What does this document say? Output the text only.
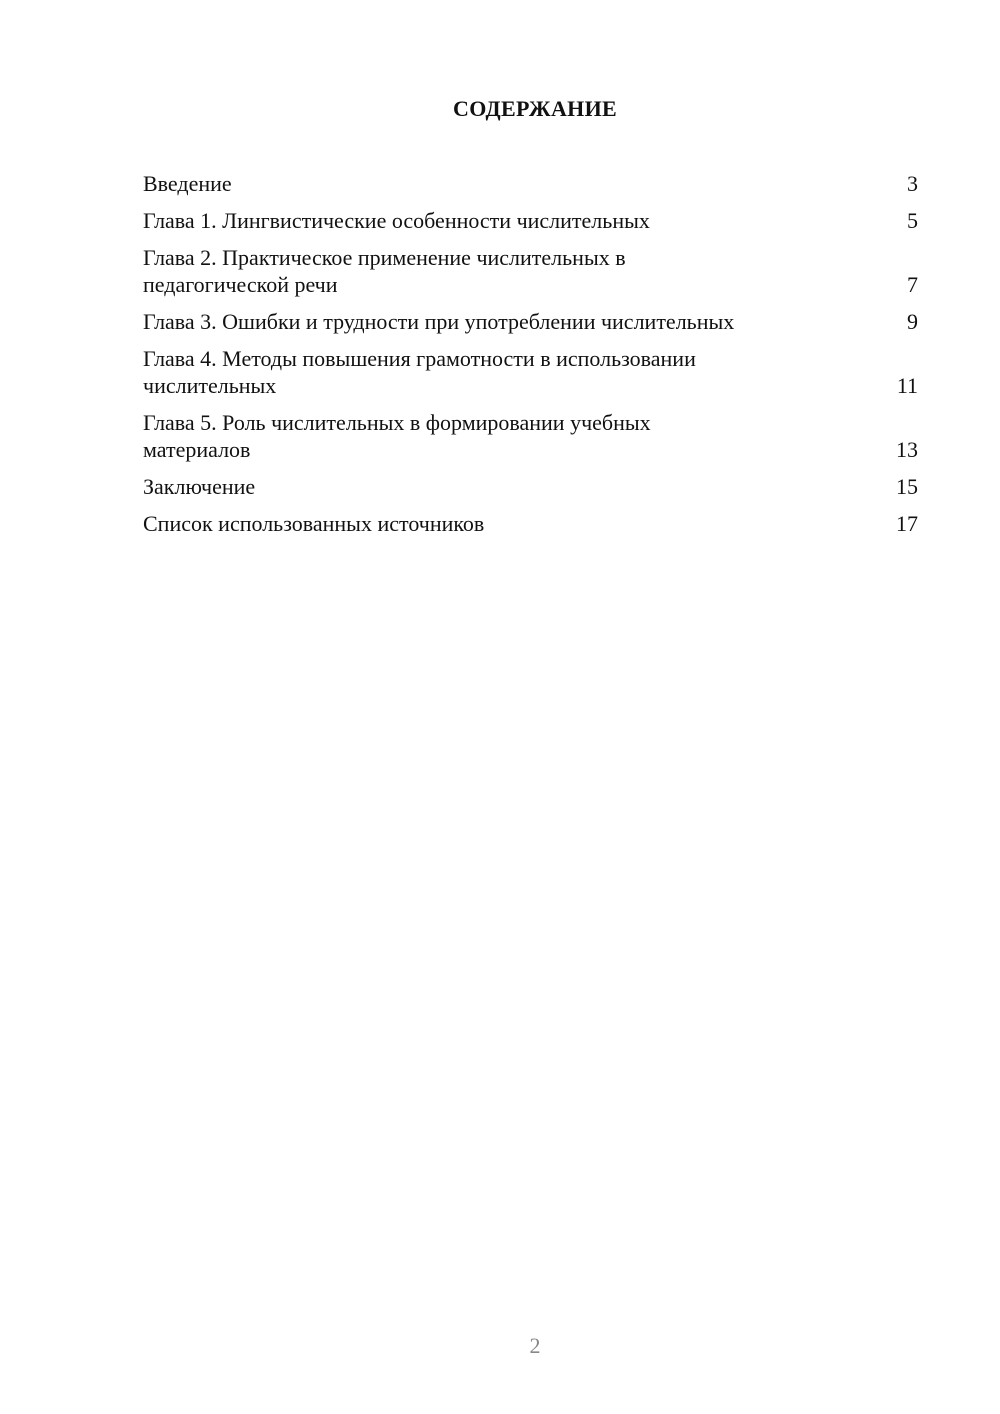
СОДЕРЖАНИЕ
Введение	3
Глава 1. Лингвистические особенности числительных	5
Глава 2. Практическое применение числительных в педагогической речи	7
Глава 3. Ошибки и трудности при употреблении числительных	9
Глава 4. Методы повышения грамотности в использовании числительных	11
Глава 5. Роль числительных в формировании учебных материалов	13
Заключение	15
Список использованных источников	17
2
